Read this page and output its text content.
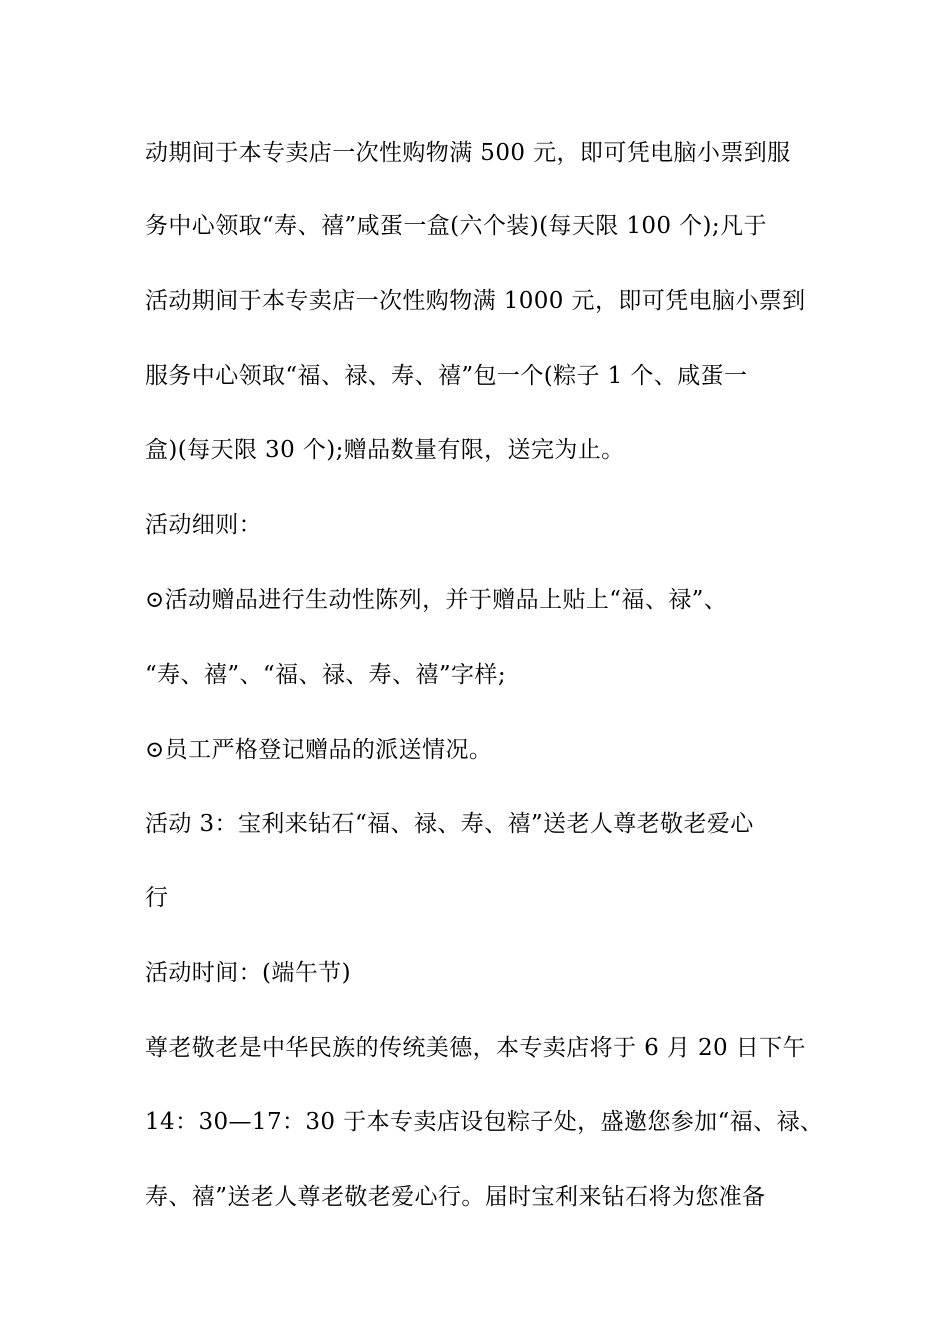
动期间于本专卖店一次性购物满 500 元，即可凭电脑小票到服
务中心领取“寿、禧”咸蛋一盒(六个装)(每天限 100 个);凡于
活动期间于本专卖店一次性购物满 1000 元，即可凭电脑小票到
服务中心领取“福、禄、寿、禧”包一个(粽子 1 个、咸蛋一
盒)(每天限 30 个);赠品数量有限，送完为止。
活动细则：
⊙活动赠品进行生动性陈列，并于赠品上贴上“福、禄”、
“寿、禧”、“福、禄、寿、禧”字样;
⊙员工严格登记赠品的派送情况。
活动 3：宝利来钻石“福、禄、寿、禧”送老人尊老敬老爱心
行
活动时间：(端午节)
尊老敬老是中华民族的传统美德，本专卖店将于 6 月 20 日下午
14：30—17：30 于本专卖店设包粽子处，盛邀您参加“福、禄、
寿、禧”送老人尊老敬老爱心行。届时宝利来钻石将为您准备
